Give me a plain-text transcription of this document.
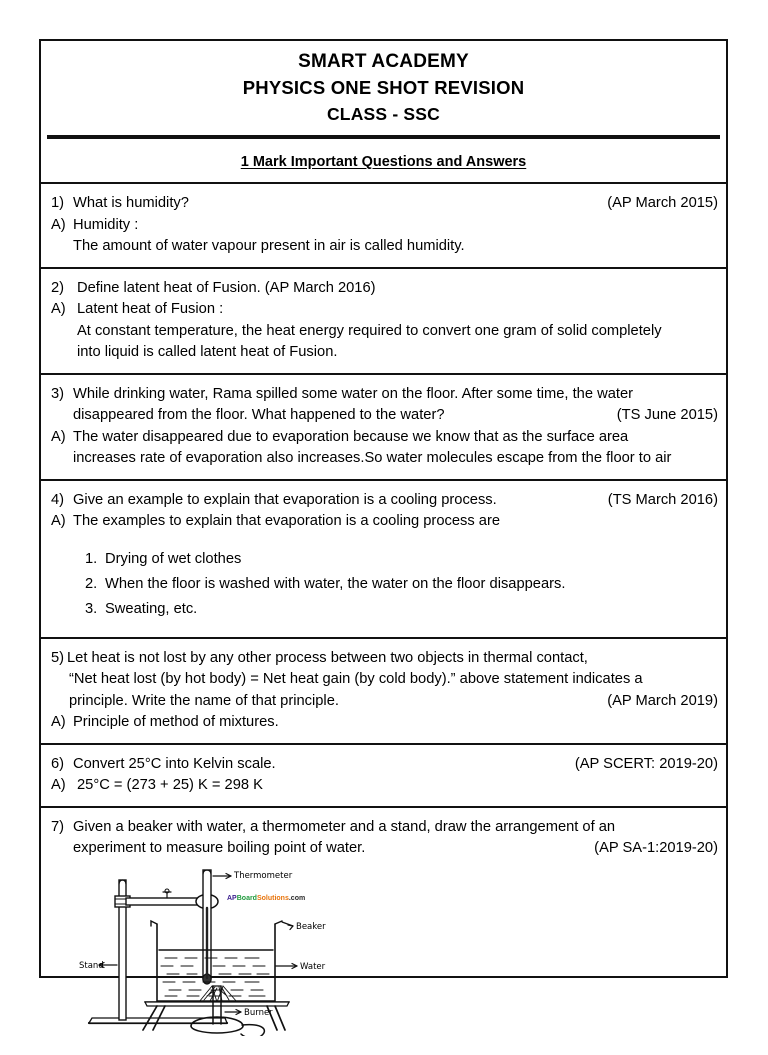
SMART ACADEMY
PHYSICS ONE SHOT REVISION
CLASS - SSC
1 Mark Important Questions and Answers
1) What is humidity?	(AP March 2015)
A) Humidity :
The amount of water vapour present in air is called humidity.
2) Define latent heat of Fusion. (AP March 2016)
A) Latent heat of Fusion :
At constant temperature, the heat energy required to convert one gram of solid completely
into liquid is called latent heat of Fusion.
3) While drinking water, Rama spilled some water on the floor. After some time, the water
disappeared from the floor. What happened to the water?	(TS June 2015)
A) The water disappeared due to evaporation because we know that as the surface area
increases rate of evaporation also increases.So water molecules escape from the floor to air
4) Give an example to explain that evaporation is a cooling process.	(TS March 2016)
A) The examples to explain that evaporation is a cooling process are
1. Drying of wet clothes
2. When the floor is washed with water, the water on the floor disappears.
3. Sweating, etc.
5) Let heat is not lost by any other process between two objects in thermal contact,
“Net heat lost (by hot body) = Net heat gain (by cold body).” above statement indicates a
principle. Write the name of that principle.	(AP March 2019)
A) Principle of method of mixtures.
6) Convert 25°C into Kelvin scale.	(AP SCERT: 2019-20)
A) 25°C = (273 + 25) K = 298 K
7) Given a beaker with water, a thermometer and a stand, draw the arrangement of an
experiment to measure boiling point of water.	(AP SA-1:2019-20)
Thermometer
Beaker
Water
Stand
Burner
APBoardSolutions.com
